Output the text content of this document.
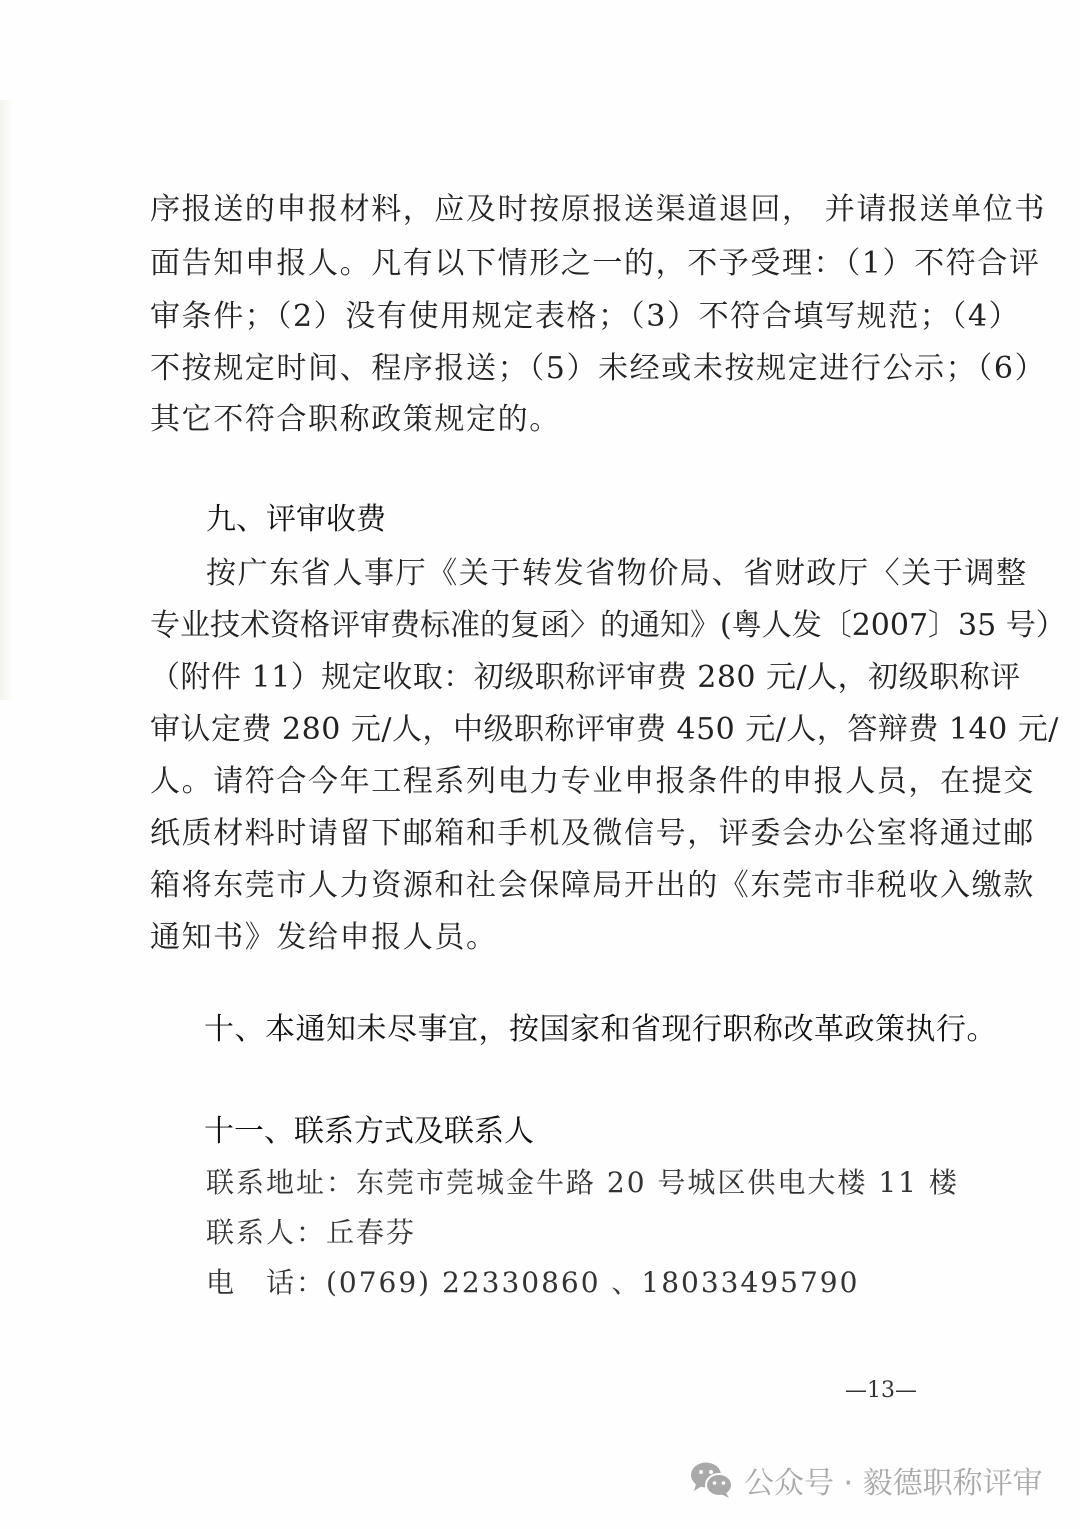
序报送的申报材料，应及时按原报送渠道退回， 并请报送单位书
面告知申报人。凡有以下情形之一的，不予受理：（1）不符合评
审条件；（2）没有使用规定表格；（3）不符合填写规范；（4）
不按规定时间、程序报送；（5）未经或未按规定进行公示；（6）
其它不符合职称政策规定的。
九、评审收费
按广东省人事厅《关于转发省物价局、省财政厅〈关于调整
专业技术资格评审费标准的复函〉的通知》(粤人发〔2007〕35 号）
（附件 11）规定收取：初级职称评审费 280 元/人，初级职称评
审认定费 280 元/人，中级职称评审费 450 元/人，答辩费 140 元/
人。请符合今年工程系列电力专业申报条件的申报人员，在提交
纸质材料时请留下邮箱和手机及微信号，评委会办公室将通过邮
箱将东莞市人力资源和社会保障局开出的《东莞市非税收入缴款
通知书》发给申报人员。
十、本通知未尽事宜，按国家和省现行职称改革政策执行。
十一、联系方式及联系人
联系地址：东莞市莞城金牛路 20 号城区供电大楼 11 楼
联系人：丘春芬
电　话：(0769) 22330860 、18033495790
—13—
公众号 · 毅德职称评审
